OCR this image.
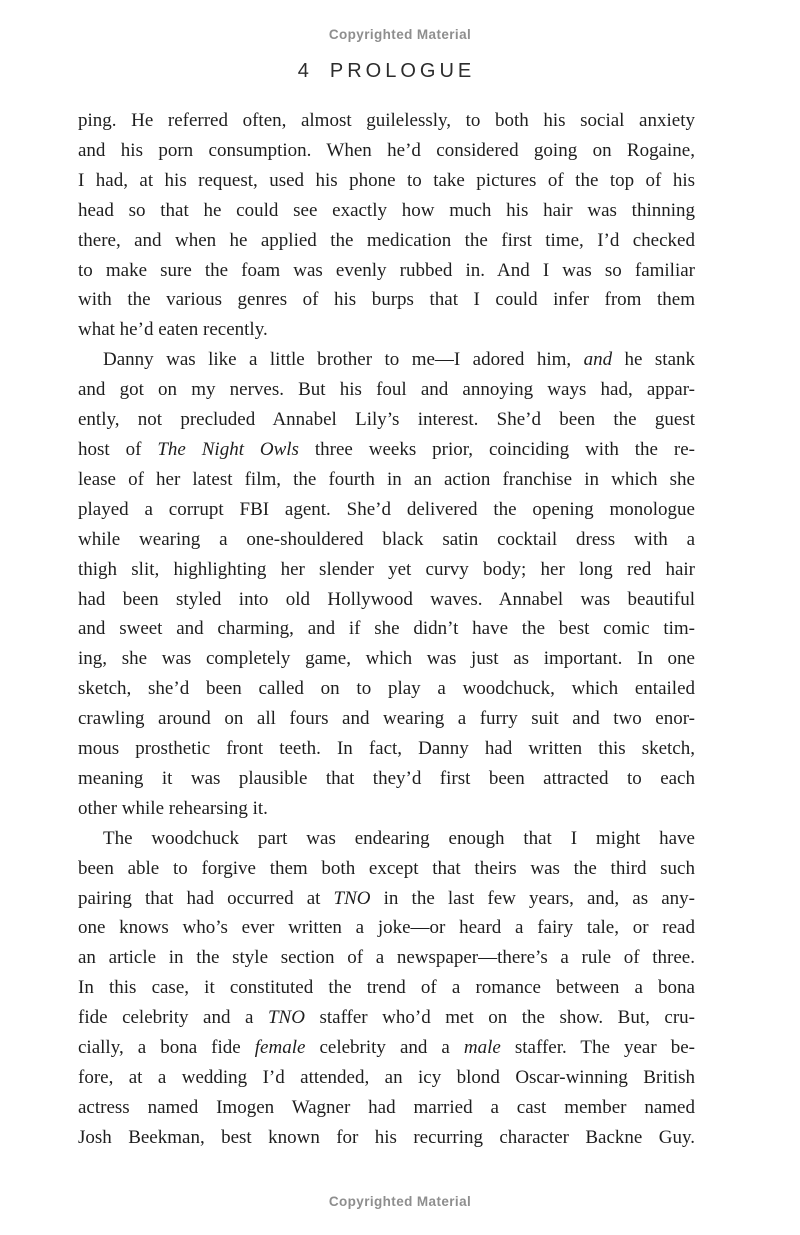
Copyrighted Material
4 PROLOGUE
ping. He referred often, almost guilelessly, to both his social anxiety
and his porn consumption. When he’d considered going on Rogaine,
I had, at his request, used his phone to take pictures of the top of his
head so that he could see exactly how much his hair was thinning
there, and when he applied the medication the first time, I’d checked
to make sure the foam was evenly rubbed in. And I was so familiar
with the various genres of his burps that I could infer from them
what he’d eaten recently.
Danny was like a little brother to me—I adored him, and he stank
and got on my nerves. But his foul and annoying ways had, appar-
ently, not precluded Annabel Lily’s interest. She’d been the guest
host of The Night Owls three weeks prior, coinciding with the re-
lease of her latest film, the fourth in an action franchise in which she
played a corrupt FBI agent. She’d delivered the opening monologue
while wearing a one-shouldered black satin cocktail dress with a
thigh slit, highlighting her slender yet curvy body; her long red hair
had been styled into old Hollywood waves. Annabel was beautiful
and sweet and charming, and if she didn’t have the best comic tim-
ing, she was completely game, which was just as important. In one
sketch, she’d been called on to play a woodchuck, which entailed
crawling around on all fours and wearing a furry suit and two enor-
mous prosthetic front teeth. In fact, Danny had written this sketch,
meaning it was plausible that they’d first been attracted to each
other while rehearsing it.
The woodchuck part was endearing enough that I might have
been able to forgive them both except that theirs was the third such
pairing that had occurred at TNO in the last few years, and, as any-
one knows who’s ever written a joke—or heard a fairy tale, or read
an article in the style section of a newspaper—there’s a rule of three.
In this case, it constituted the trend of a romance between a bona
fide celebrity and a TNO staffer who’d met on the show. But, cru-
cially, a bona fide female celebrity and a male staffer. The year be-
fore, at a wedding I’d attended, an icy blond Oscar-winning British
actress named Imogen Wagner had married a cast member named
Josh Beekman, best known for his recurring character Backne Guy.
Copyrighted Material
